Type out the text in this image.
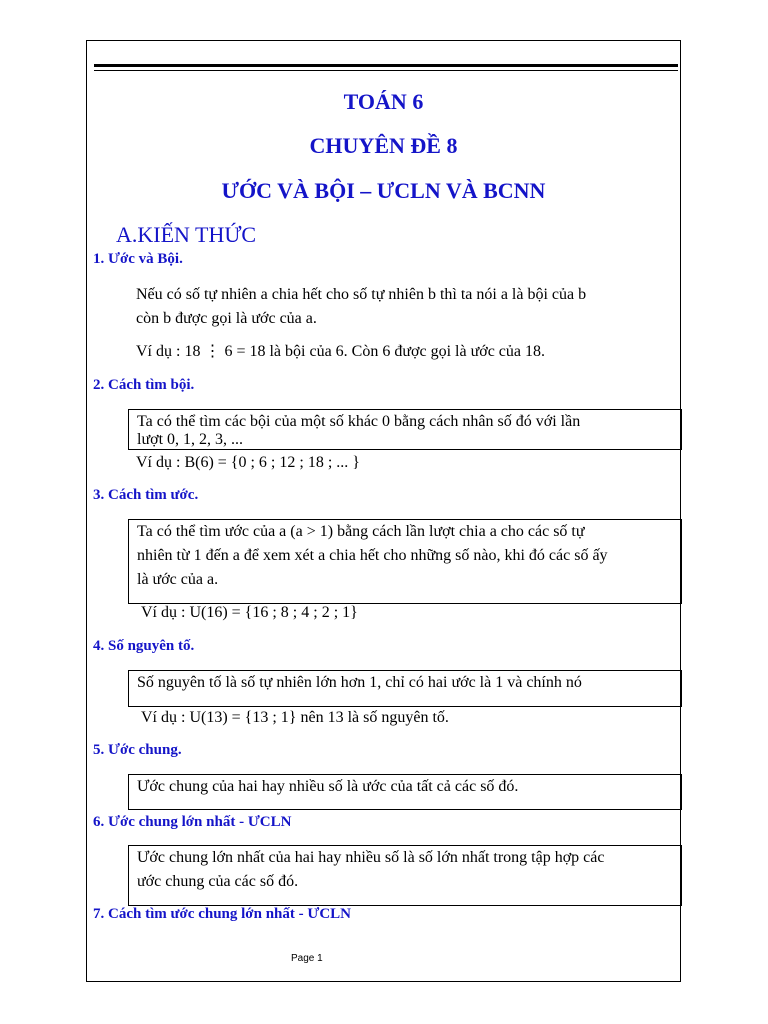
TOÁN 6
CHUYÊN ĐỀ 8
ƯỚC VÀ BỘI – ƯCLN VÀ BCNN
A.KIẾN THỨC
1. Ước và Bội.
Nếu có số tự nhiên a chia hết cho số tự nhiên b thì ta nói a là bội của b
còn b được gọi là ước của a.
Ví dụ : 18 ⋮ 6 = 18 là bội của 6. Còn 6 được gọi là ước của 18.
2. Cách tìm bội.
Ta có thể tìm các bội của một số khác 0 bằng cách nhân số đó với lần
lượt 0, 1, 2, 3, ...
Ví dụ : B(6) = {0 ; 6 ; 12 ; 18 ; ... }
3. Cách tìm ước.
Ta có thể tìm ước của a (a > 1) bằng cách lần lượt chia a cho các số tự
nhiên từ 1 đến a để xem xét a chia hết cho những số nào, khi đó các số ấy
là ước của a.
Ví dụ : U(16) = {16 ; 8 ; 4 ; 2 ; 1}
4. Số nguyên tố.
Số nguyên tố là số tự nhiên lớn hơn 1, chỉ có hai ước là 1 và chính nó
Ví dụ : U(13) = {13 ; 1} nên 13 là số nguyên tố.
5. Ước chung.
Ước chung của hai hay nhiều số là ước của tất cả các số đó.
6. Ước chung lớn nhất - ƯCLN
Ước chung lớn nhất của hai hay nhiều số là số lớn nhất trong tập hợp các
ước chung của các số đó.
7. Cách tìm ước chung lớn nhất - ƯCLN
Page 1
